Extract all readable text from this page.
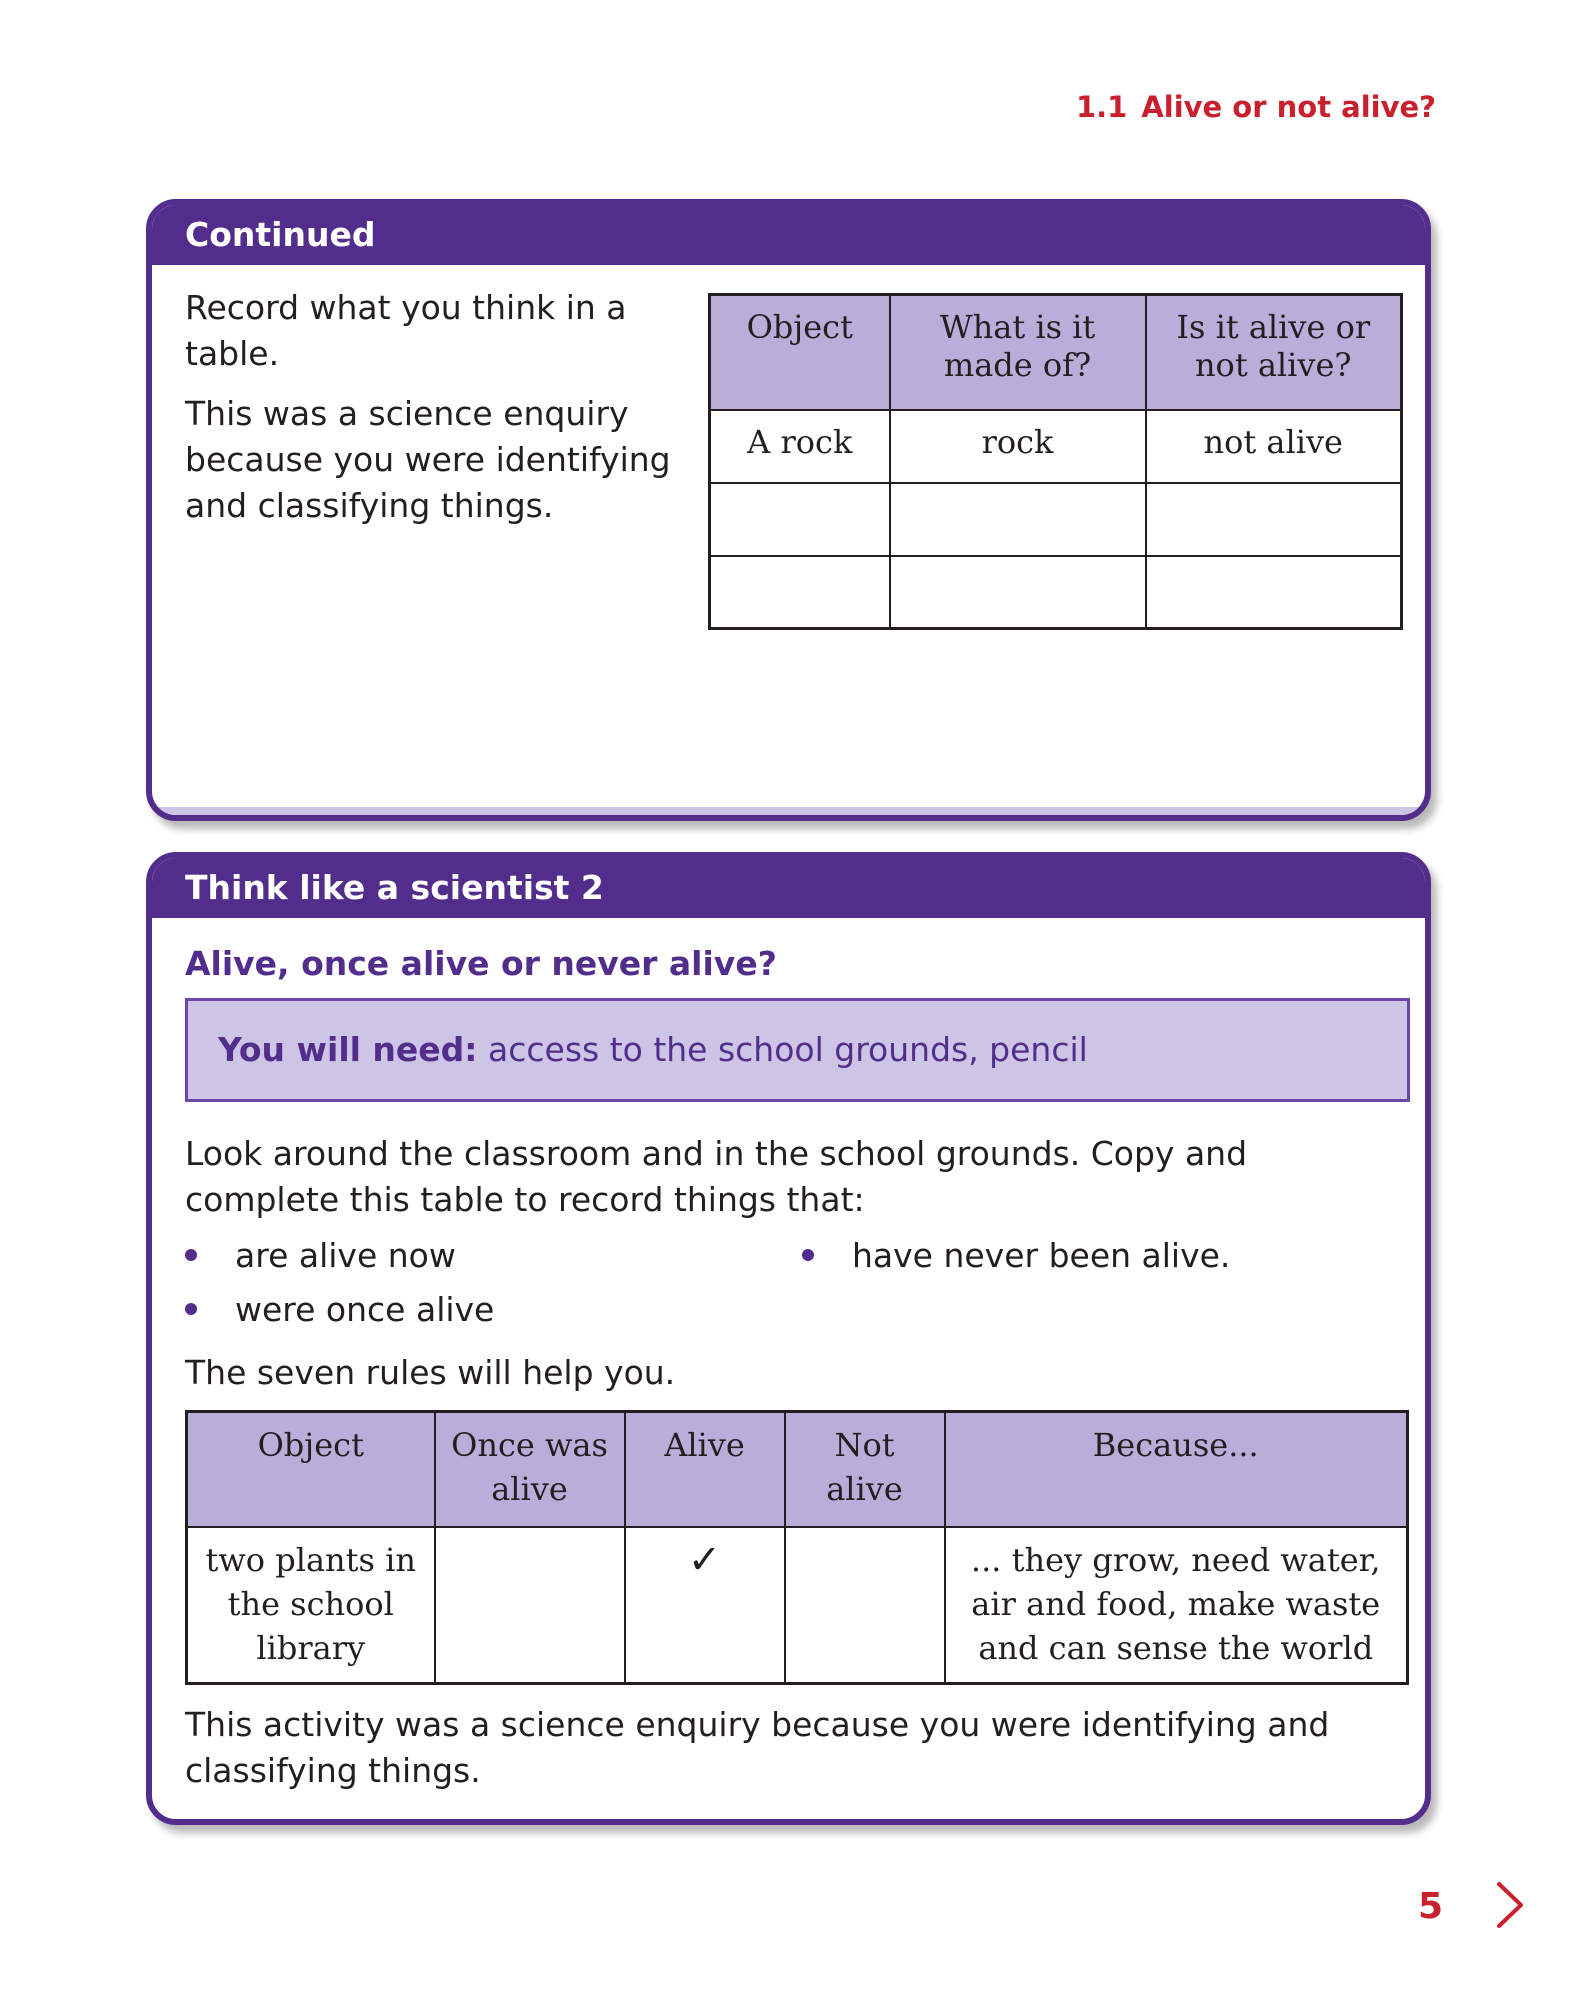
1.1 Alive or not alive?
Continued

Record what you think in a table.

This was a science enquiry because you were identifying and classifying things.

Object	What is it made of?	Is it alive or not alive?
A rock	rock	not alive

Think like a scientist 2
Alive, once alive or never alive?
You will need: access to the school grounds, pencil
Look around the classroom and in the school grounds. Copy and complete this table to record things that:
are alive now
were once alive
have never been alive.
The seven rules will help you.
Object	Once was alive	Alive	Not alive	Because...
two plants in the school library		✓		... they grow, need water, air and food, make waste and can sense the world
This activity was a science enquiry because you were identifying and classifying things.
5
